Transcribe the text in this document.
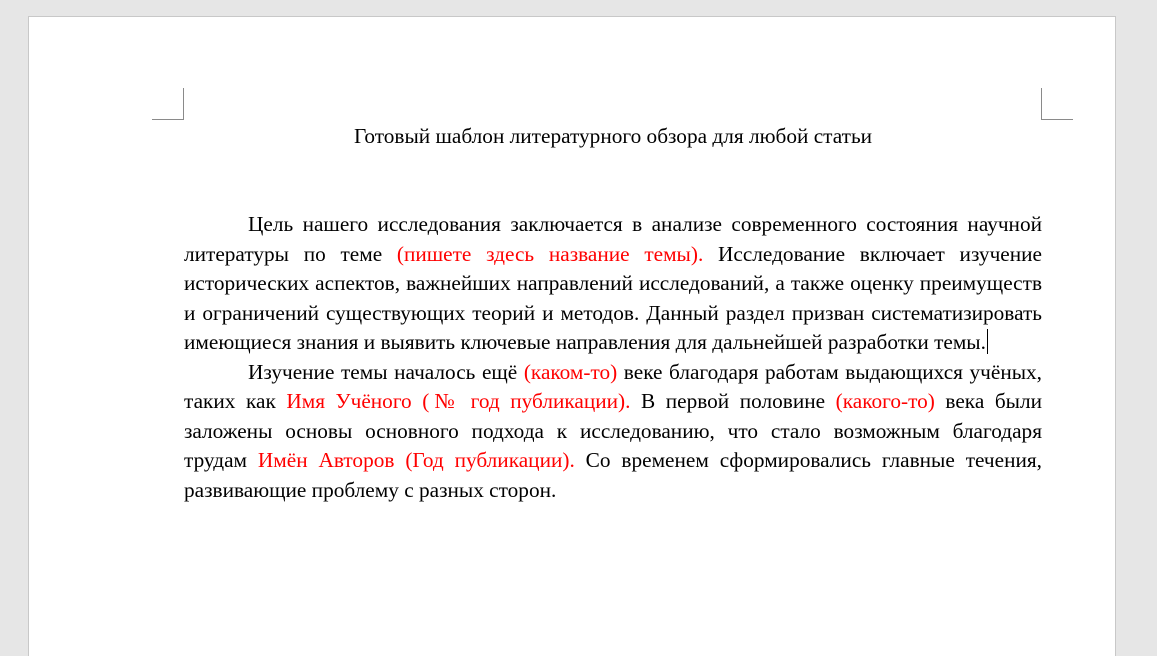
Готовый шаблон литературного обзора для любой статьи

Цель нашего исследования заключается в анализе современного состояния научной литературы по теме (пишете здесь название темы). Исследование включает изучение исторических аспектов, важнейших направлений исследований, а также оценку преимуществ и ограничений существующих теорий и методов. Данный раздел призван систематизировать имеющиеся знания и выявить ключевые направления для дальнейшей разработки темы.

Изучение темы началось ещё (каком-то) веке благодаря работам выдающихся учёных, таких как Имя Учёного (№ год публикации). В первой половине (какого-то) века были заложены основы основного подхода к исследованию, что стало возможным благодаря трудам Имён Авторов (Год публикации). Со временем сформировались главные течения, развивающие проблему с разных сторон.
